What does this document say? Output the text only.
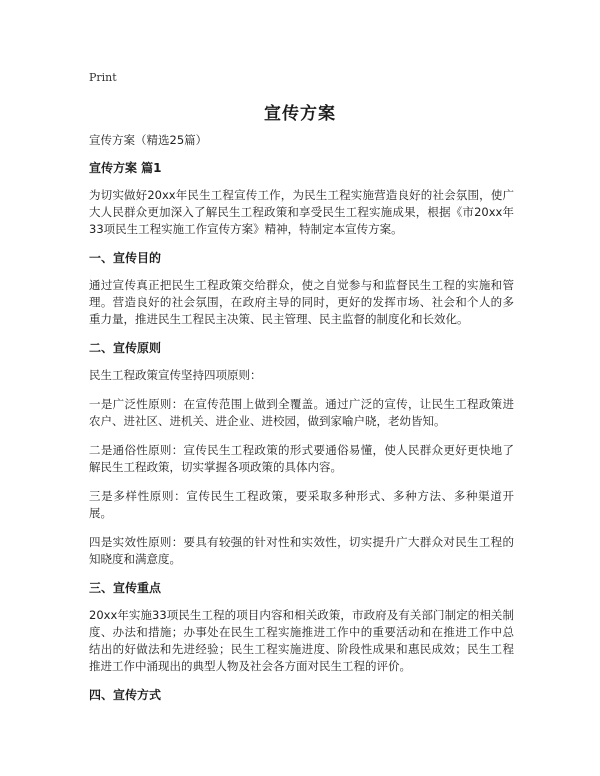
Print
宣传方案
宣传方案（精选25篇）
宣传方案 篇1
为切实做好20xx年民生工程宣传工作，为民生工程实施营造良好的社会氛围，使广大人民群众更加深入了解民生工程政策和享受民生工程实施成果，根据《市20xx年33项民生工程实施工作宣传方案》精神，特制定本宣传方案。
一、宣传目的
通过宣传真正把民生工程政策交给群众，使之自觉参与和监督民生工程的实施和管理。营造良好的社会氛围，在政府主导的同时，更好的发挥市场、社会和个人的多重力量，推进民生工程民主决策、民主管理、民主监督的制度化和长效化。
二、宣传原则
民生工程政策宣传坚持四项原则：
一是广泛性原则：在宣传范围上做到全覆盖。通过广泛的宣传，让民生工程政策进农户、进社区、进机关、进企业、进校园，做到家喻户晓，老幼皆知。
二是通俗性原则：宣传民生工程政策的形式要通俗易懂，使人民群众更好更快地了解民生工程政策，切实掌握各项政策的具体内容。
三是多样性原则：宣传民生工程政策，要采取多种形式、多种方法、多种渠道开展。
四是实效性原则：要具有较强的针对性和实效性，切实提升广大群众对民生工程的知晓度和满意度。
三、宣传重点
20xx年实施33项民生工程的项目内容和相关政策，市政府及有关部门制定的相关制度、办法和措施；办事处在民生工程实施推进工作中的重要活动和在推进工作中总结出的好做法和先进经验；民生工程实施进度、阶段性成果和惠民成效；民生工程推进工作中涌现出的典型人物及社会各方面对民生工程的评价。
四、宣传方式
